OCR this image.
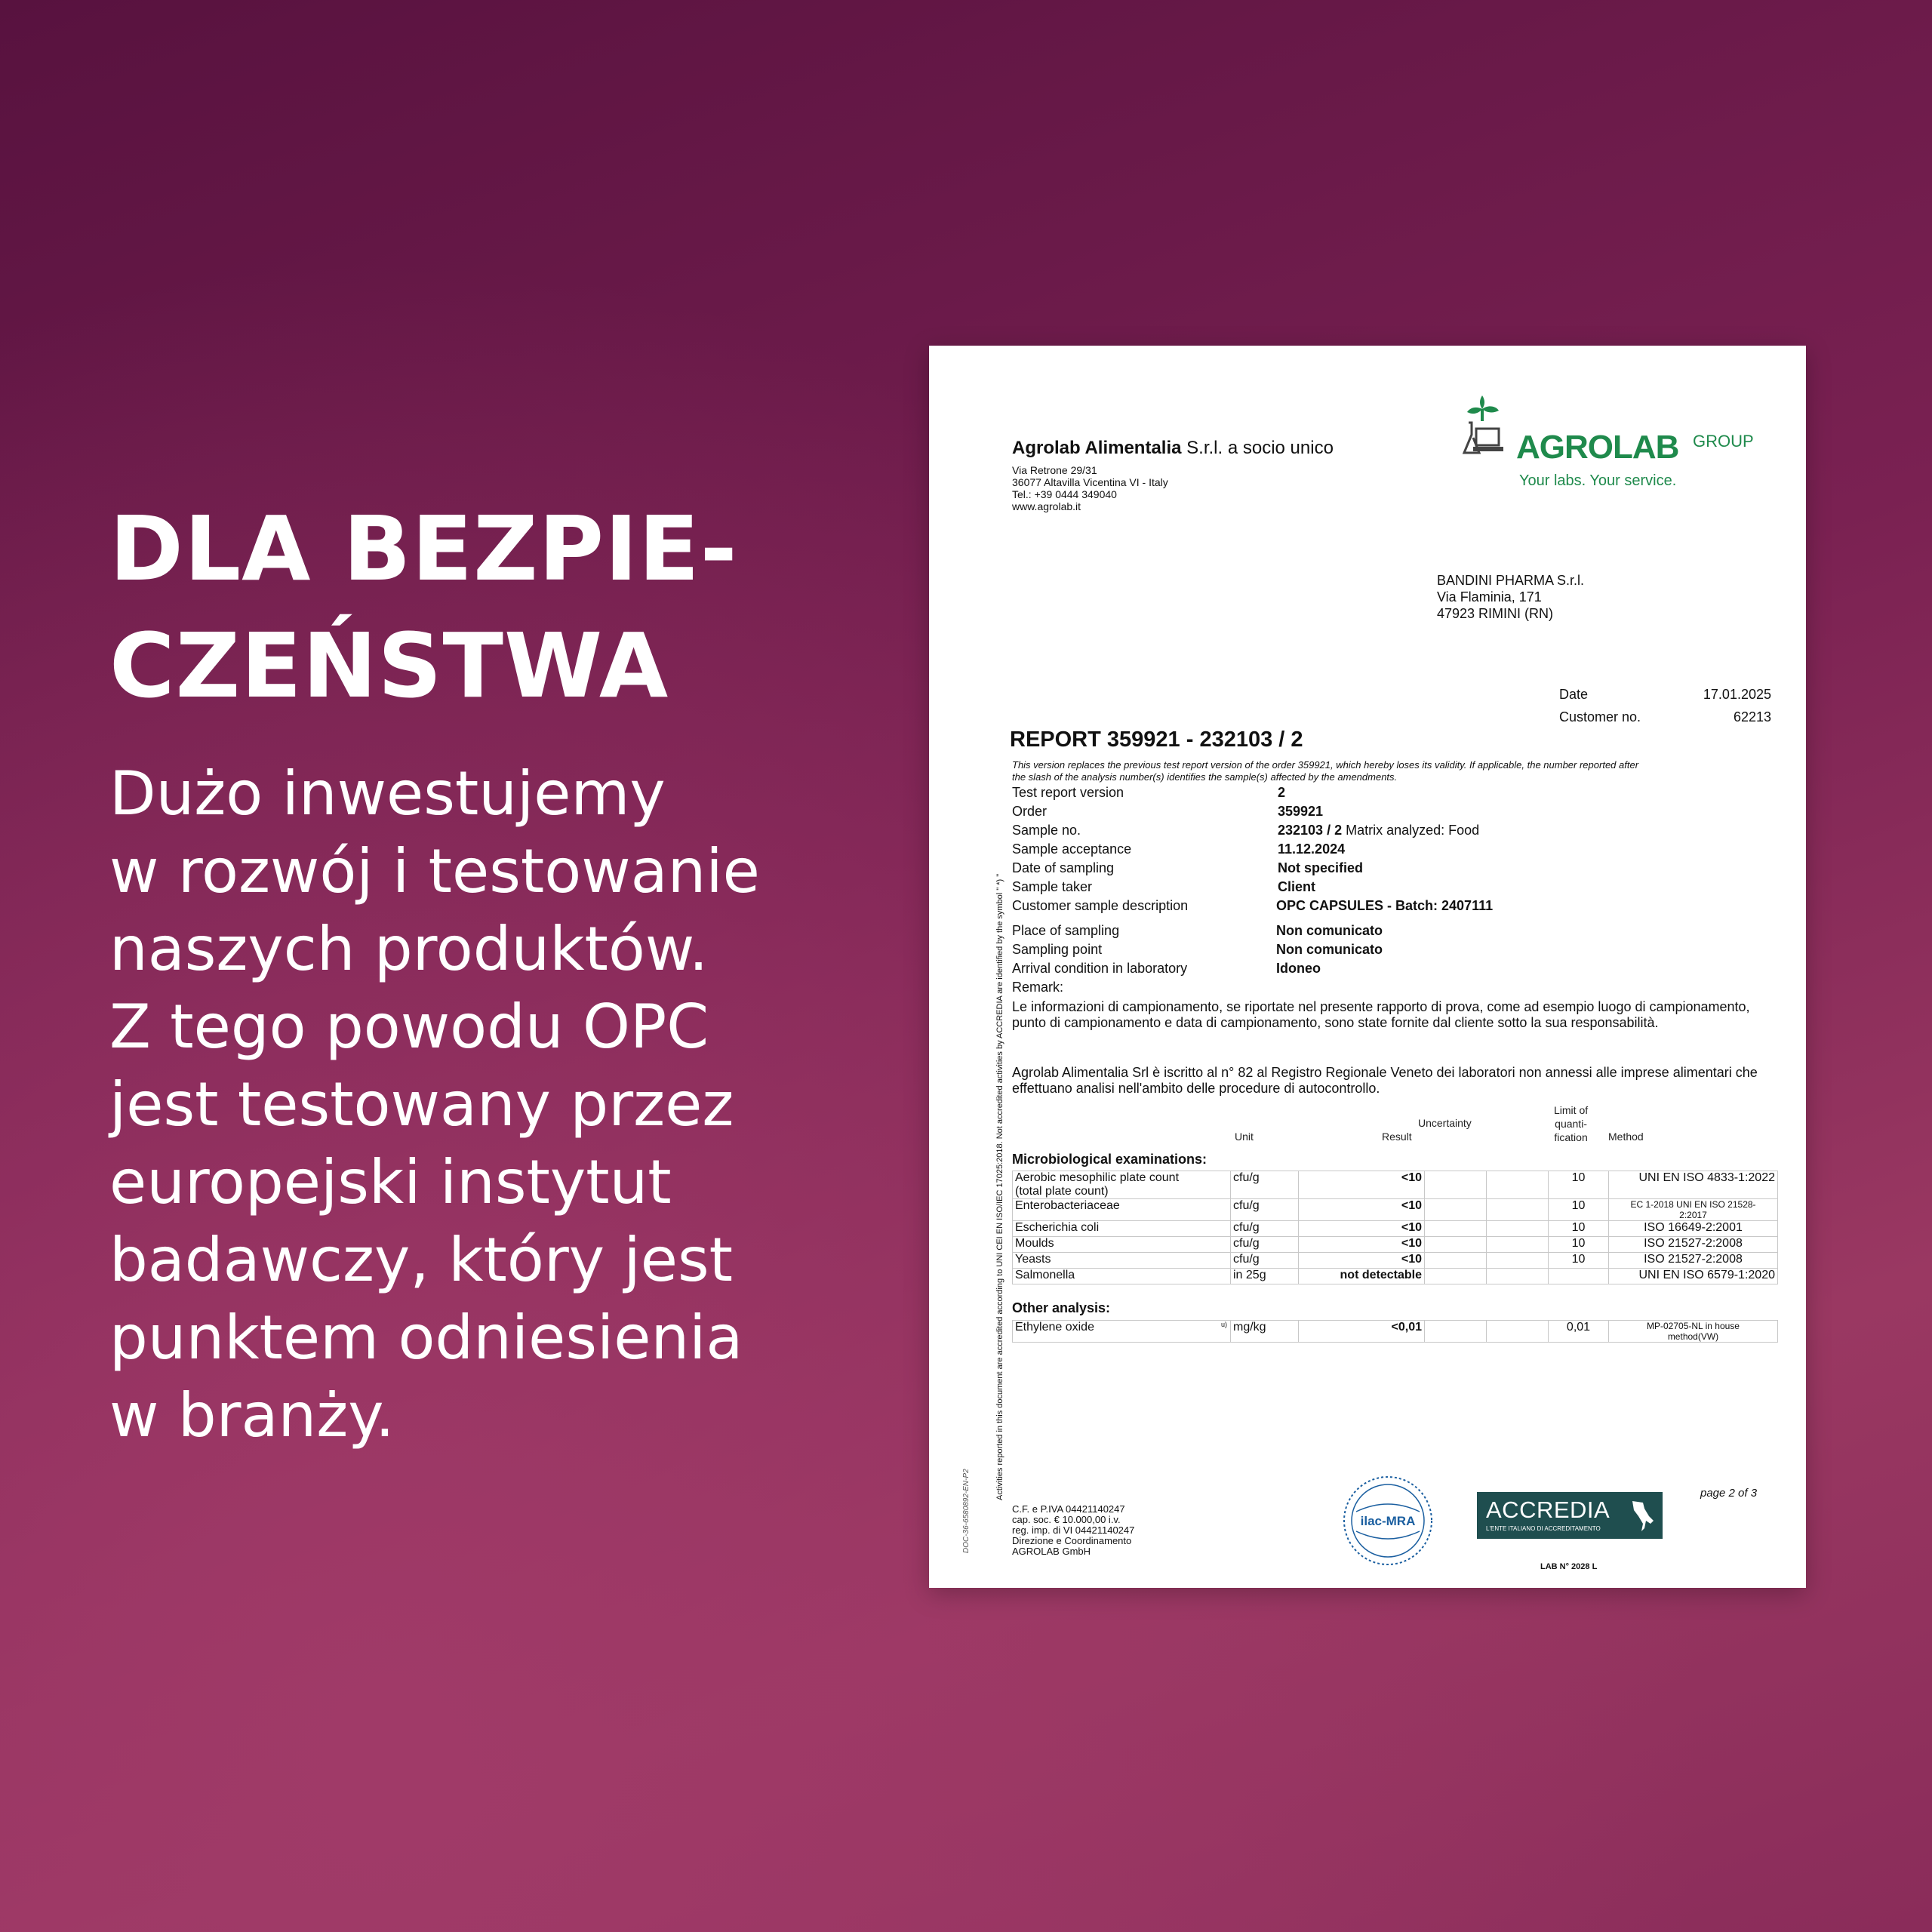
DLA BEZPIE-
CZEŃSTWA
Dużo inwestujemy
w rozwój i testowanie
naszych produktów.
Z tego powodu OPC
jest testowany przez
europejski instytut
badawczy, który jest
punktem odniesienia
w branży.
Agrolab Alimentalia S.r.l. a socio unico
Via Retrone 29/31
36077 Altavilla Vicentina VI - Italy
Tel.: +39 0444 349040
www.agrolab.it
AGROLAB GROUP
Your labs. Your service.
BANDINI PHARMA S.r.l.
Via Flaminia, 171
47923 RIMINI (RN)
Date	17.01.2025
Customer no.	62213
REPORT 359921 - 232103 / 2
This version replaces the previous test report version of the order 359921, which hereby loses its validity. If applicable, the number reported after
the slash of the analysis number(s) identifies the sample(s) affected by the amendments.
Test report version	2
Order	359921
Sample no.	232103 / 2 Matrix analyzed: Food
Sample acceptance	11.12.2024
Date of sampling	Not specified
Sample taker	Client
Customer sample description	OPC CAPSULES - Batch: 2407111
Place of sampling	Non comunicato
Sampling point	Non comunicato
Arrival condition in laboratory	Idoneo
Remark:
Le informazioni di campionamento, se riportate nel presente rapporto di prova, come ad esempio luogo di campionamento, punto di campionamento e data di campionamento, sono state fornite dal cliente sotto la sua responsabilità.
Agrolab Alimentalia Srl è iscritto al n° 82 al Registro Regionale Veneto dei laboratori non annessi alle imprese alimentari che effettuano analisi nell'ambito delle procedure di autocontrollo.
Activities reported in this document are accredited according to UNI CEI EN ISO/IEC 17025:2018. Not accredited activities by ACCREDIA are identified by the symbol " *) "
DOC-36-6580892-EN-P2
Unit	Result
Uncertainty
Limit of
quanti-
fication Method
Microbiological examinations:
Aerobic mesophilic plate count
(total plate count)	cfu/g	<10			10	UNI EN ISO 4833-1:2022
Enterobacteriaceae	cfu/g	<10			10	EC 1-2018 UNI EN ISO 21528-
2:2017

Escherichia coli	cfu/g	<10			10	ISO 16649-2:2001
Moulds	cfu/g	<10			10	ISO 21527-2:2008
Yeasts	cfu/g	<10			10	ISO 21527-2:2008
Salmonella	in 25g	not detectable				UNI EN ISO 6579-1:2020
Other analysis:
Ethylene oxide	u)	mg/kg	<0,01			0,01	MP-02705-NL in house
method(VW)
C.F. e P.IVA 04421140247
cap. soc. € 10.000,00 i.v.
reg. imp. di VI 04421140247
Direzione e Coordinamento
AGROLAB GmbH
ilac-MRA	ACCREDIA
L'ENTE ITALIANO DI ACCREDITAMENTO
LAB N° 2028 L
page 2 of 3
